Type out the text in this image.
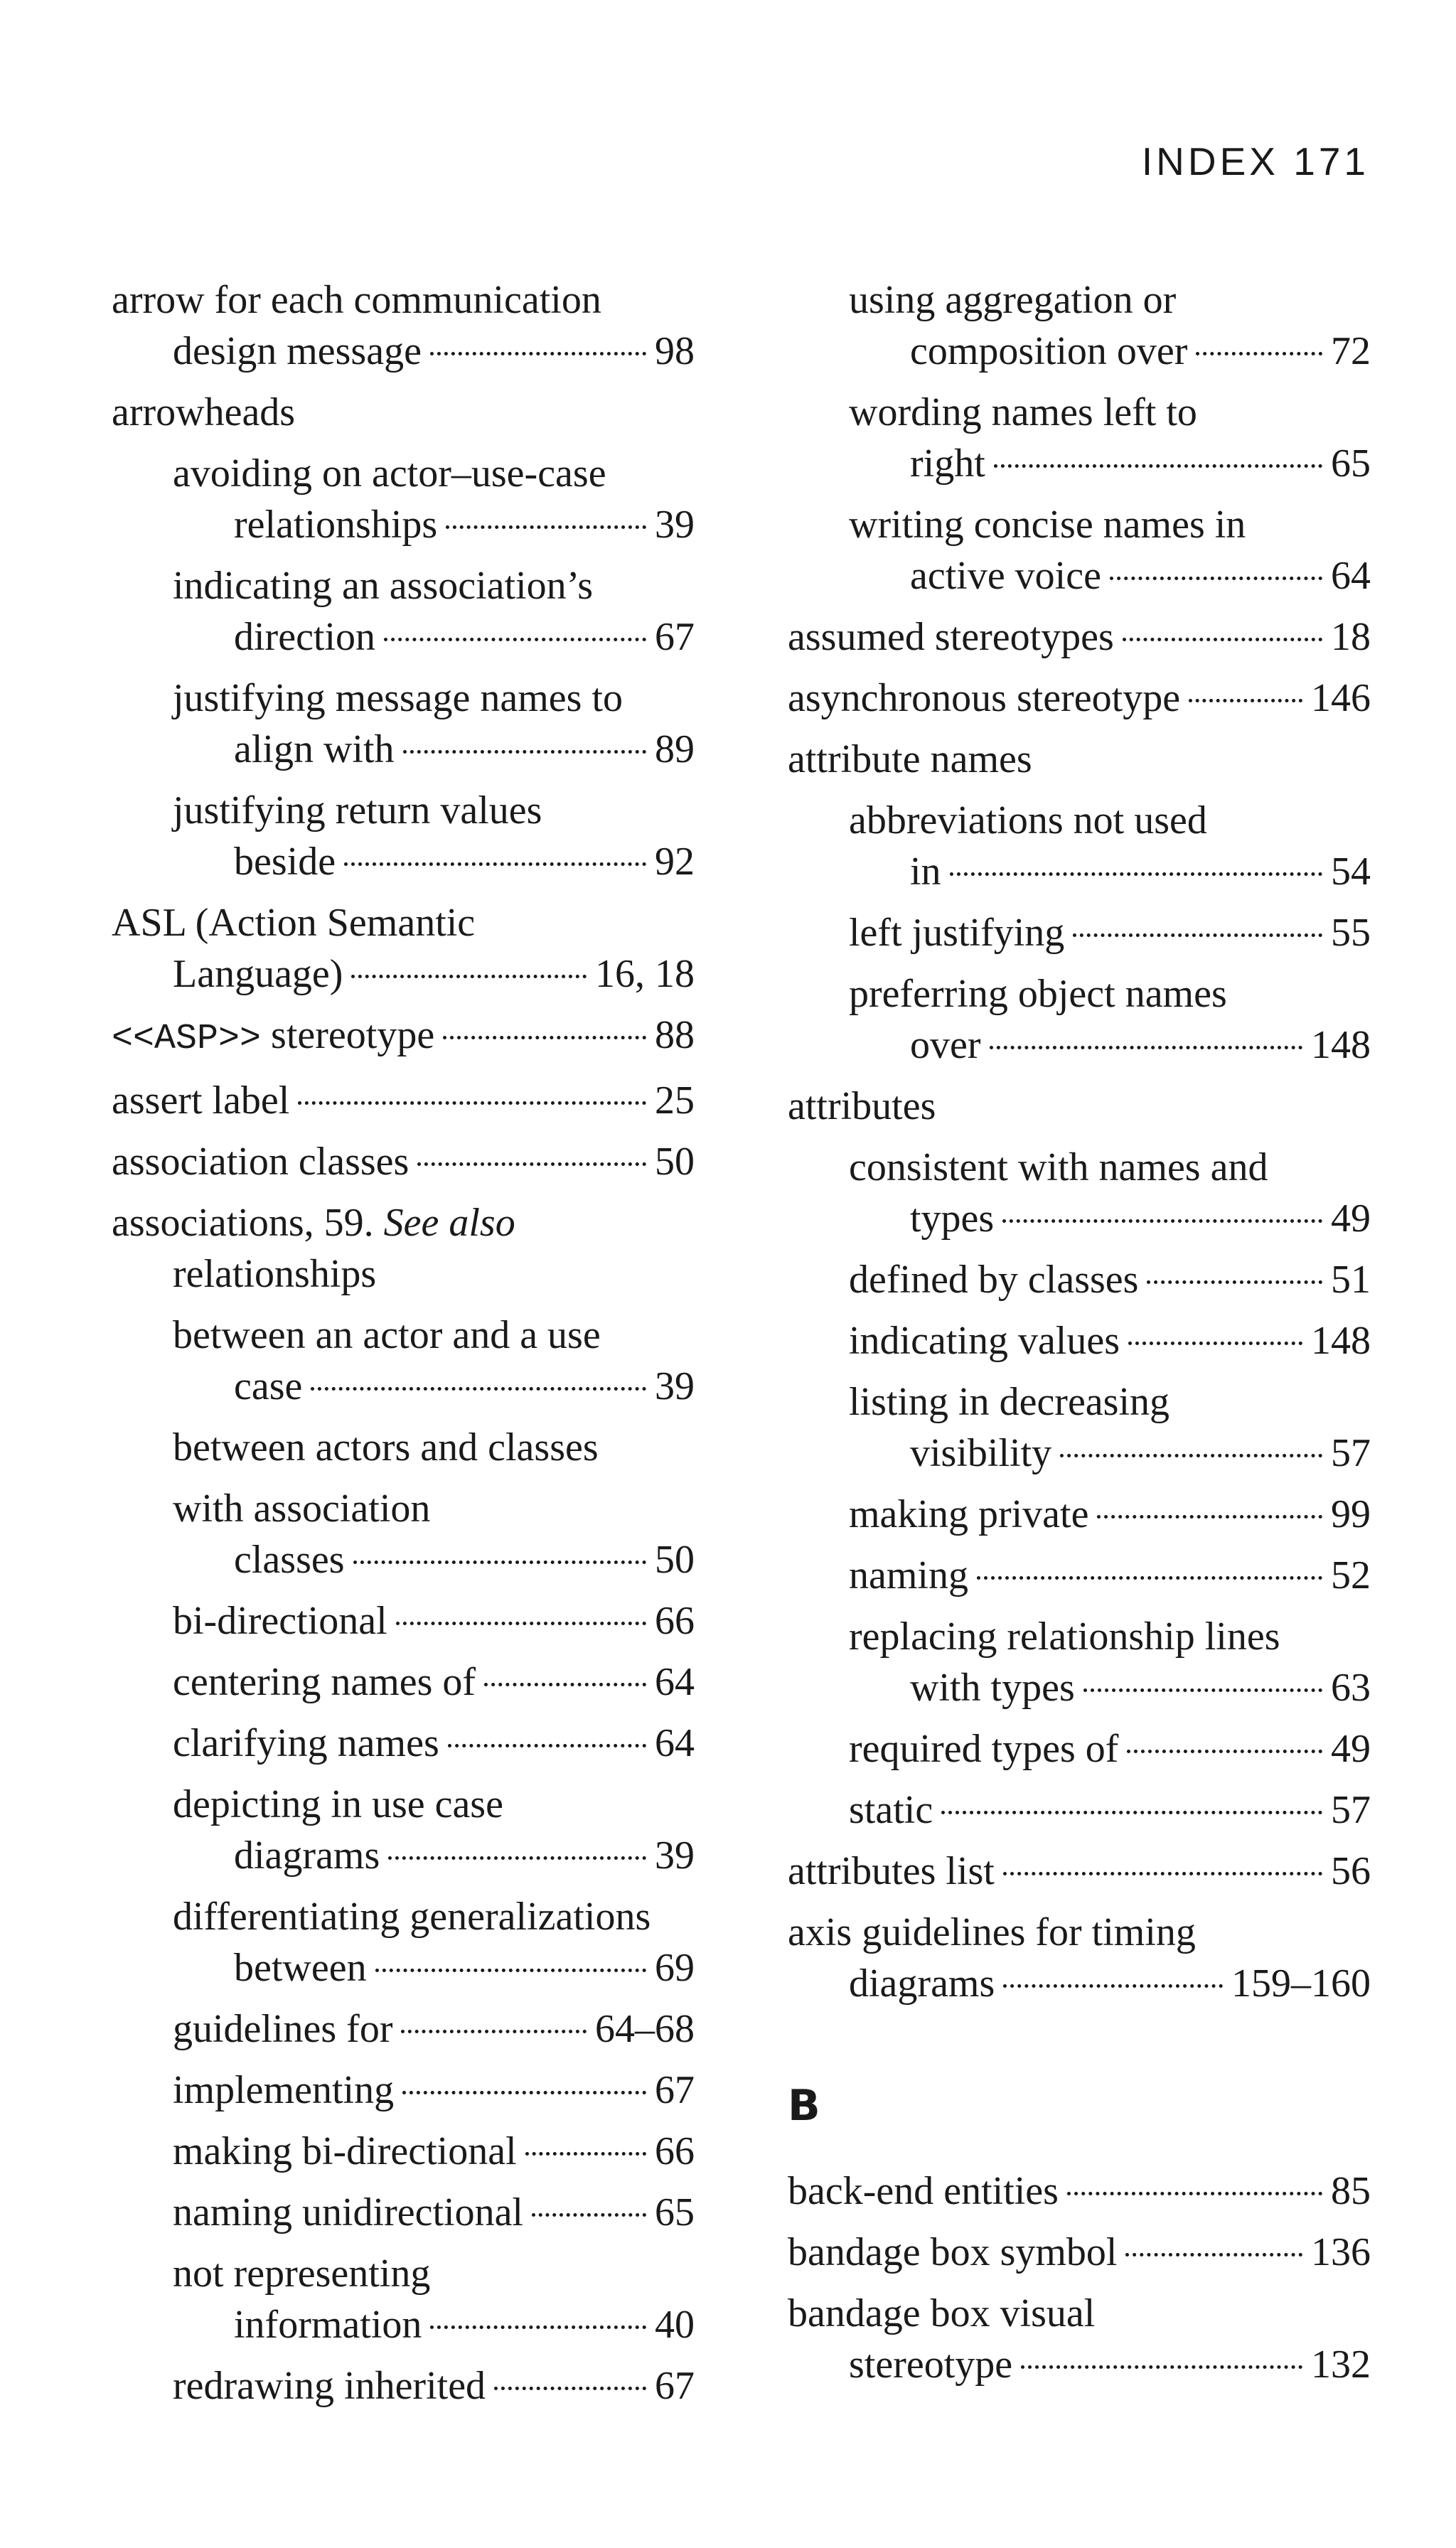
INDEX 171
arrow for each communication
design message	98
arrowheads
avoiding on actor–use-case
relationships	39
indicating an association’s
direction	67
justifying message names to
align with	89
justifying return values
beside	92
ASL (Action Semantic
Language)	16, 18
<<ASP>> stereotype	88
assert label	25
association classes	50
associations, 59. See also
relationships
between an actor and a use
case	39
between actors and classes
with association
classes	50
bi-directional	66
centering names of	64
clarifying names	64
depicting in use case
diagrams	39
differentiating generalizations
between	69
guidelines for	64–68
implementing	67
making bi-directional	66
naming unidirectional	65
not representing
information	40
redrawing inherited	67
using aggregation or
composition over	72
wording names left to
right	65
writing concise names in
active voice	64
assumed stereotypes	18
asynchronous stereotype	146
attribute names
abbreviations not used
in	54
left justifying	55
preferring object names
over	148
attributes
consistent with names and
types	49
defined by classes	51
indicating values	148
listing in decreasing
visibility	57
making private	99
naming	52
replacing relationship lines
with types	63
required types of	49
static	57
attributes list	56
axis guidelines for timing
diagrams	159–160
B
back-end entities	85
bandage box symbol	136
bandage box visual
stereotype	132
